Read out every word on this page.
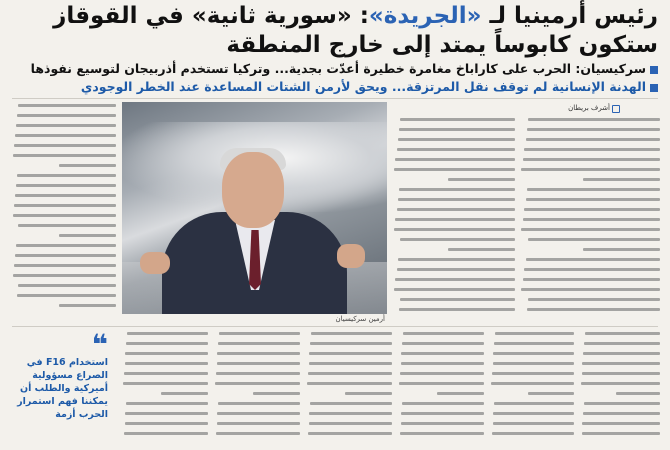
رئيس أرمينيا لـ «الجريدة»: «سورية ثانية» في القوقاز
ستكون كابوساً يمتد إلى خارج المنطقة
سركيسيان: الحرب على كاراباخ مغامرة خطيرة أعدّت بجدية... وتركيا تستخدم أذربيجان لتوسيع نفوذها
الهدنة الإنسانية لم توقف نقل المرتزقة... ويحق لأرمن الشتات المساعدة عند الخطر الوجودي
أشرف بريطان
أرمين سركيسيان
❝
استخدام F16 في الصراع مسؤولية أميركية والطلب أن يمكننا فهم استمرار الحرب أزمة
